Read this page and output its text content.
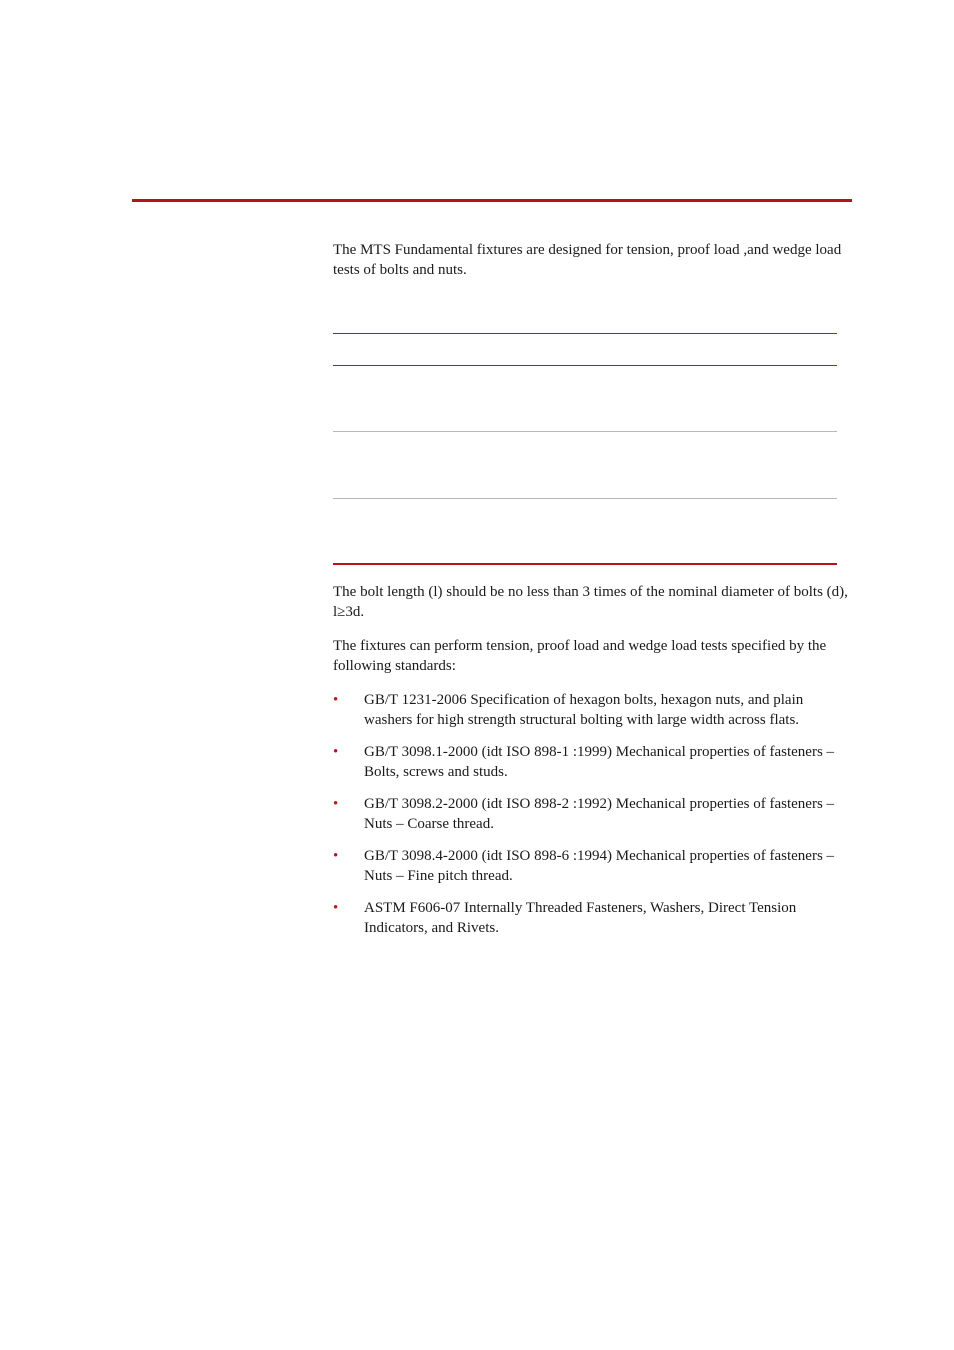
The MTS Fundamental fixtures are designed for tension, proof load ,and wedge load tests of bolts and nuts.

The bolt length (l) should be no less than 3 times of the nominal diameter of bolts (d), l≥3d.

The fixtures can perform tension, proof load and wedge load tests specified by the following standards:

• GB/T 1231-2006 Specification of hexagon bolts, hexagon nuts, and plain washers for high strength structural bolting with large width across flats.
• GB/T 3098.1-2000 (idt ISO 898-1 :1999) Mechanical properties of fasteners – Bolts, screws and studs.
• GB/T 3098.2-2000 (idt ISO 898-2 :1992) Mechanical properties of fasteners – Nuts – Coarse thread.
• GB/T 3098.4-2000 (idt ISO 898-6 :1994) Mechanical properties of fasteners – Nuts – Fine pitch thread.
• ASTM F606-07 Internally Threaded Fasteners, Washers, Direct Tension Indicators, and Rivets.
